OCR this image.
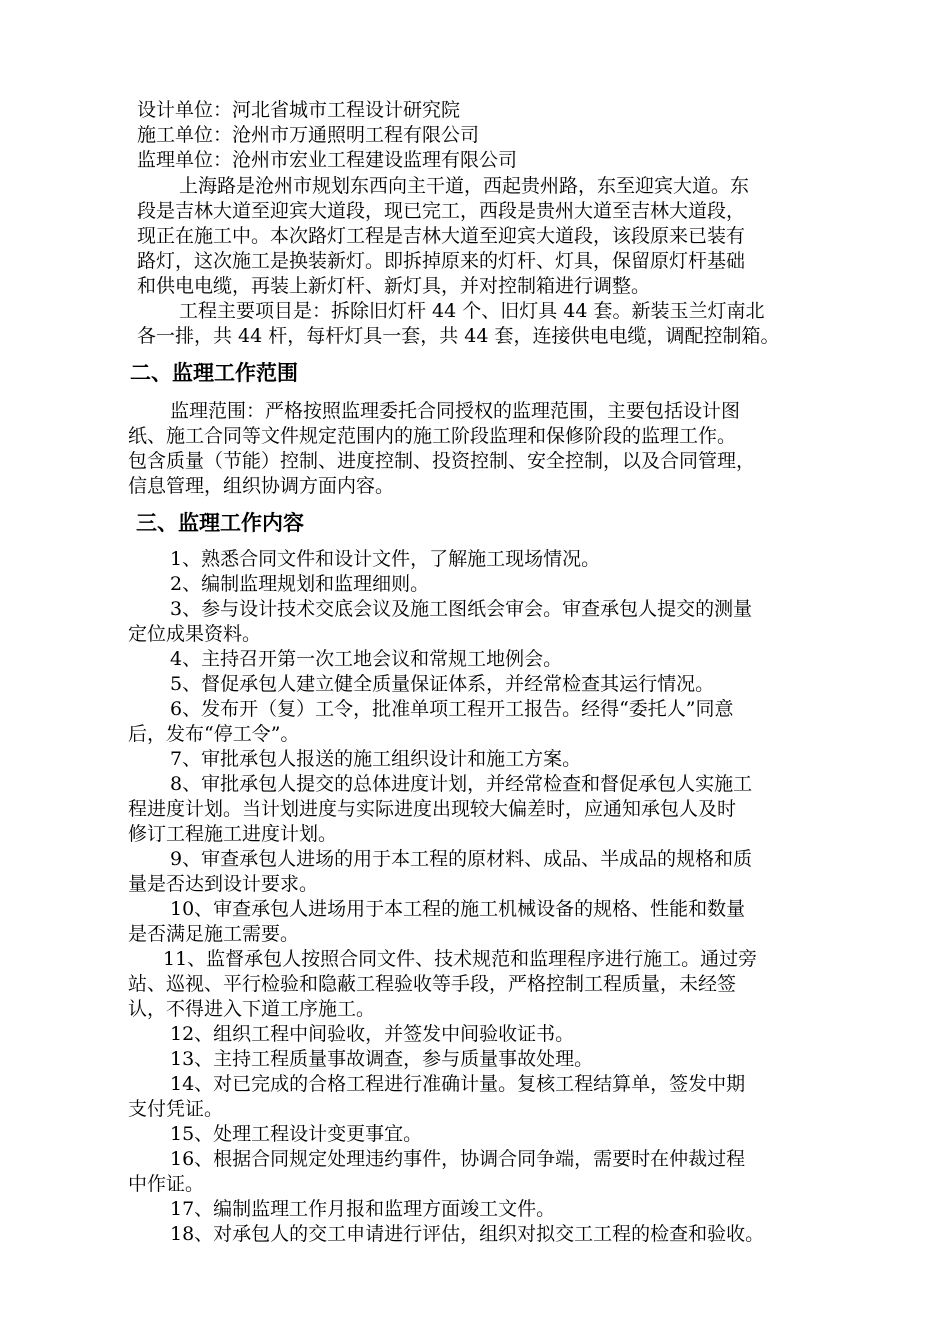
设计单位：河北省城市工程设计研究院

施工单位：沧州市万通照明工程有限公司

监理单位：沧州市宏业工程建设监理有限公司

上海路是沧州市规划东西向主干道，西起贵州路，东至迎宾大道。东

段是吉林大道至迎宾大道段，现已完工，西段是贵州大道至吉林大道段，

现正在施工中。本次路灯工程是吉林大道至迎宾大道段，该段原来已装有

路灯，这次施工是换装新灯。即拆掉原来的灯杆、灯具，保留原灯杆基础

和供电电缆，再装上新灯杆、新灯具，并对控制箱进行调整。

工程主要项目是：拆除旧灯杆 44 个、旧灯具 44 套。新装玉兰灯南北

各一排，共 44 杆，每杆灯具一套，共 44 套，连接供电电缆，调配控制箱。

二、监理工作范围

监理范围：严格按照监理委托合同授权的监理范围，主要包括设计图

纸、施工合同等文件规定范围内的施工阶段监理和保修阶段的监理工作。

包含质量（节能）控制、进度控制、投资控制、安全控制，以及合同管理，

信息管理，组织协调方面内容。

三、监理工作内容

1、熟悉合同文件和设计文件，了解施工现场情况。

2、编制监理规划和监理细则。

3、参与设计技术交底会议及施工图纸会审会。审查承包人提交的测量

定位成果资料。

4、主持召开第一次工地会议和常规工地例会。

5、督促承包人建立健全质量保证体系，并经常检查其运行情况。

6、发布开（复）工令，批准单项工程开工报告。经得“委托人”同意

后，发布“停工令”。

7、审批承包人报送的施工组织设计和施工方案。

8、审批承包人提交的总体进度计划，并经常检查和督促承包人实施工

程进度计划。当计划进度与实际进度出现较大偏差时，应通知承包人及时

修订工程施工进度计划。

9、审查承包人进场的用于本工程的原材料、成品、半成品的规格和质

量是否达到设计要求。

10、审查承包人进场用于本工程的施工机械设备的规格、性能和数量

是否满足施工需要。

11、监督承包人按照合同文件、技术规范和监理程序进行施工。通过旁

站、巡视、平行检验和隐蔽工程验收等手段，严格控制工程质量，未经签

认，不得进入下道工序施工。

12、组织工程中间验收，并签发中间验收证书。

13、主持工程质量事故调查，参与质量事故处理。

14、对已完成的合格工程进行准确计量。复核工程结算单，签发中期

支付凭证。

15、处理工程设计变更事宜。

16、根据合同规定处理违约事件，协调合同争端，需要时在仲裁过程

中作证。

17、编制监理工作月报和监理方面竣工文件。

18、对承包人的交工申请进行评估，组织对拟交工工程的检查和验收。
